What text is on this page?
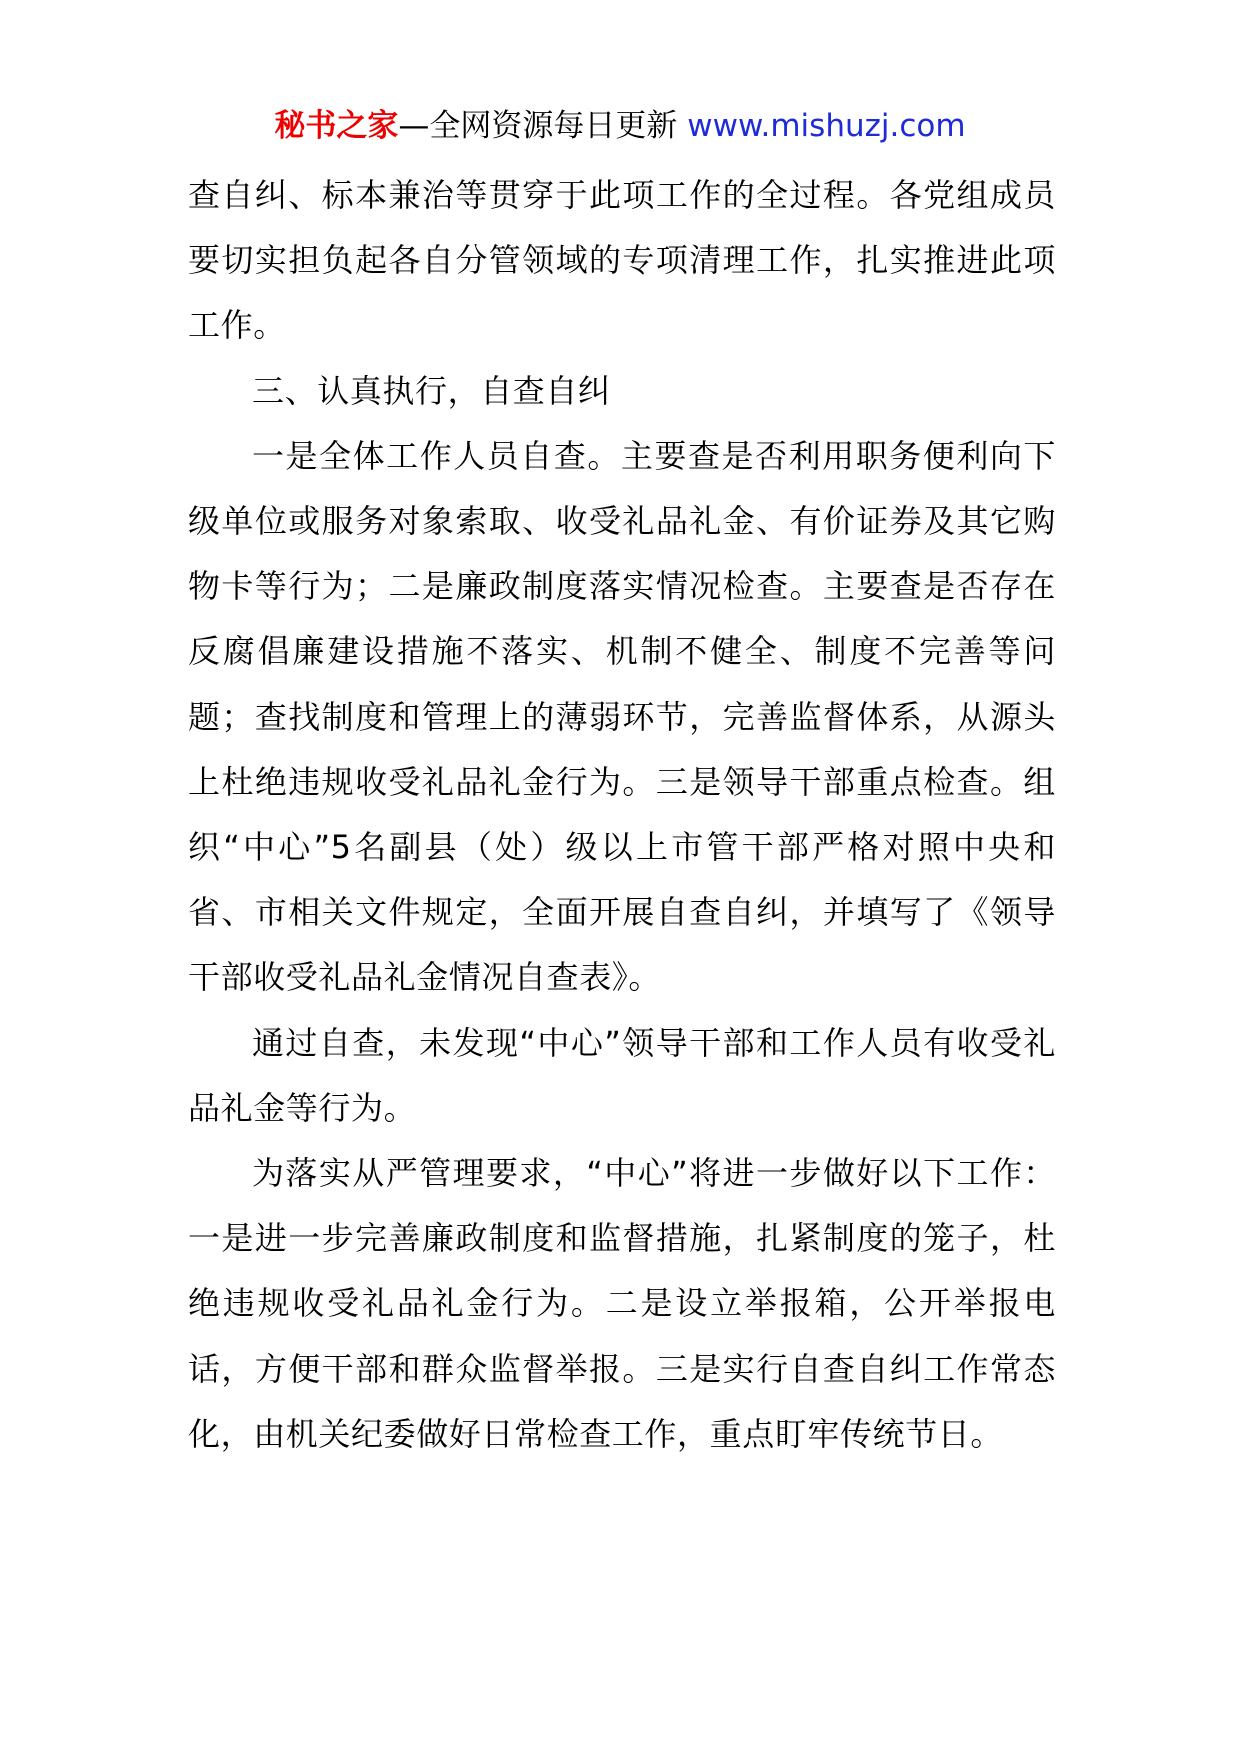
秘书之家—全网资源每日更新 www.mishuzj.com

查自纠、标本兼治等贯穿于此项工作的全过程。各党组成员要切实担负起各自分管领域的专项清理工作，扎实推进此项工作。

三、认真执行，自查自纠

一是全体工作人员自查。主要查是否利用职务便利向下级单位或服务对象索取、收受礼品礼金、有价证券及其它购物卡等行为；二是廉政制度落实情况检查。主要查是否存在反腐倡廉建设措施不落实、机制不健全、制度不完善等问题；查找制度和管理上的薄弱环节，完善监督体系，从源头上杜绝违规收受礼品礼金行为。三是领导干部重点检查。组织“中心”5名副县（处）级以上市管干部严格对照中央和省、市相关文件规定，全面开展自查自纠，并填写了《领导干部收受礼品礼金情况自查表》。

通过自查，未发现“中心”领导干部和工作人员有收受礼品礼金等行为。

为落实从严管理要求，“中心”将进一步做好以下工作：一是进一步完善廉政制度和监督措施，扎紧制度的笼子，杜绝违规收受礼品礼金行为。二是设立举报箱，公开举报电话，方便干部和群众监督举报。三是实行自查自纠工作常态化，由机关纪委做好日常检查工作，重点盯牢传统节日。
